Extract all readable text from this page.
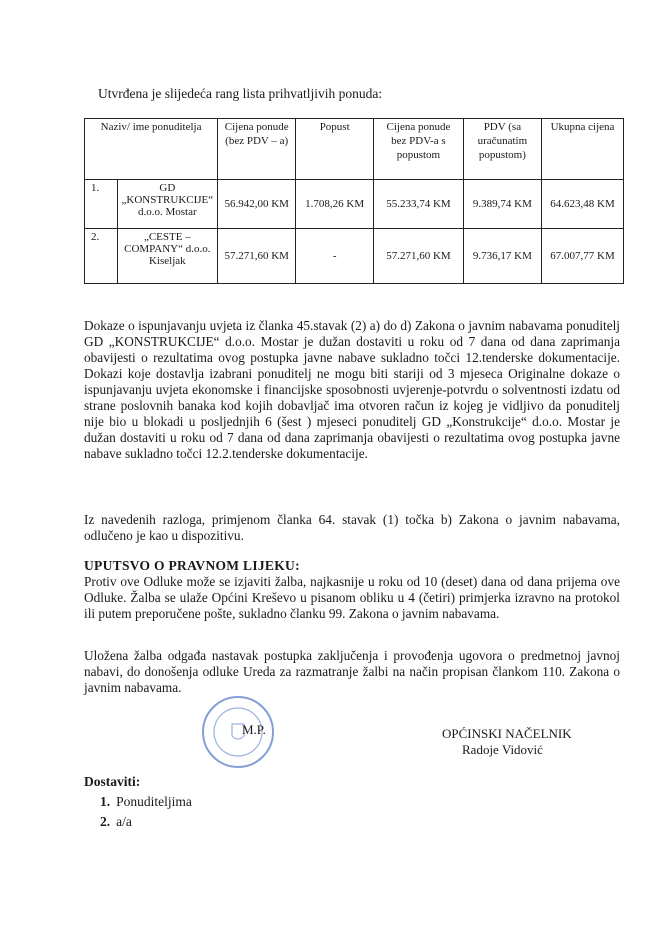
Utvrđena je slijedeća rang lista prihvatljivih ponuda:
Naziv/ ime ponuditelja		Cijena ponude (bez PDV – a)	Popust	Cijena ponude bez PDV-a s popustom	PDV (sa uračunatim popustom)	Ukupna cijena
1.	GD „KONSTRUKCIJE“ d.o.o. Mostar	56.942,00 KM	1.708,26 KM	55.233,74 KM	9.389,74 KM	64.623,48 KM
2.	„CESTE – COMPANY“ d.o.o. Kiseljak	57.271,60 KM	-	57.271,60 KM	9.736,17 KM	67.007,77 KM
Dokaze o ispunjavanju uvjeta iz članka 45.stavak (2) a) do d) Zakona o javnim nabavama ponuditelj GD „KONSTRUKCIJE“ d.o.o. Mostar je dužan dostaviti u roku od 7 dana od dana zaprimanja obavijesti o rezultatima ovog postupka javne nabave sukladno točci 12.tenderske dokumentacije. Dokazi koje dostavlja izabrani ponuditelj ne mogu biti stariji od 3 mjeseca Originalne dokaze o ispunjavanju uvjeta ekonomske i financijske sposobnosti uvjerenje-potvrdu o solventnosti izdatu od strane poslovnih banaka kod kojih dobavljač ima otvoren račun iz kojeg je vidljivo da ponuditelj nije bio u blokadi u posljednjih 6 (šest ) mjeseci ponuditelj GD „Konstrukcije“ d.o.o. Mostar je dužan dostaviti u roku od 7 dana od dana zaprimanja obavijesti o rezultatima ovog postupka javne nabave sukladno točci 12.2.tenderske dokumentacije.
Iz navedenih razloga, primjenom članka 64. stavak (1) točka b) Zakona o javnim nabavama, odlučeno je kao u dispozitivu.
UPUTSVO O PRAVNOM LIJEKU:
Protiv ove Odluke može se izjaviti žalba, najkasnije u roku od 10 (deset) dana od dana prijema ove Odluke. Žalba se ulaže Općini Kreševo u pisanom obliku u 4 (četiri) primjerka izravno na protokol ili putem preporučene pošte, sukladno članku 99. Zakona o javnim nabavama.
Uložena žalba odgađa nastavak postupka zaključenja i provođenja ugovora o predmetnoj javnoj nabavi, do donošenja odluke Ureda za razmatranje žalbi na način propisan člankom 110. Zakona o javnim nabavama.
M.P.	OPĆINSKI NAČELNIK
Radoje Vidović
Dostaviti:
1. Ponuditeljima
2. a/a
